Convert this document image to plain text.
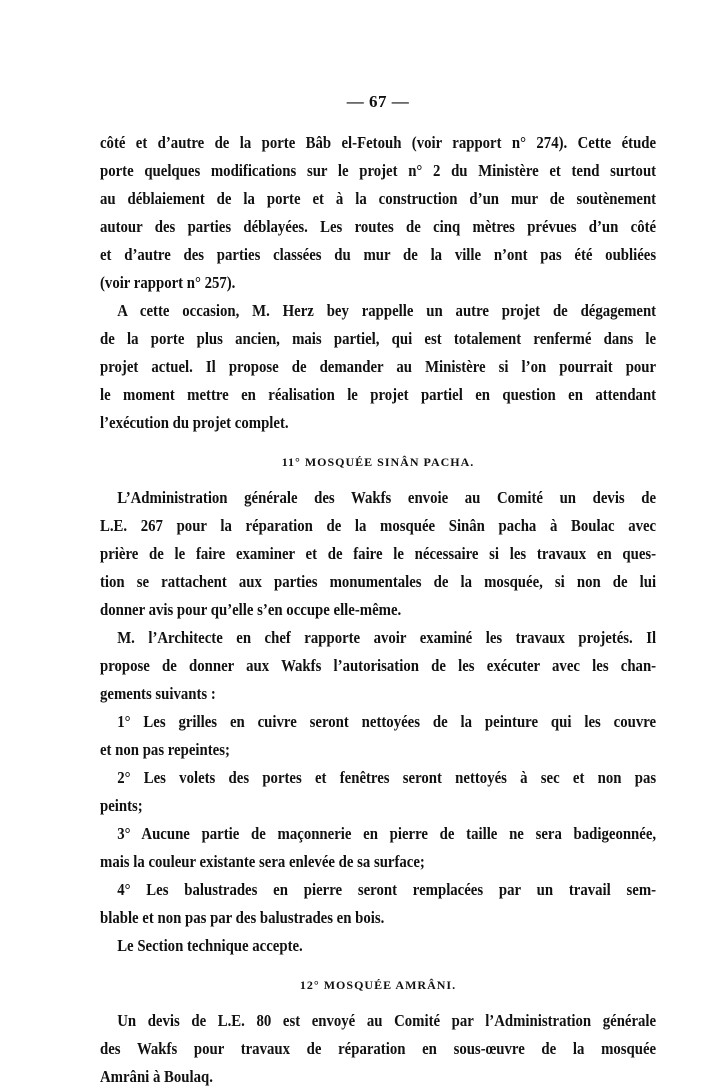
— 67 —
côté et d’autre de la porte Bâb el-Fetouh (voir rapport n° 274). Cette étude
porte quelques modifications sur le projet n° 2 du Ministère et tend surtout
au déblaiement de la porte et à la construction d’un mur de soutènement
autour des parties déblayées. Les routes de cinq mètres prévues d’un côté
et d’autre des parties classées du mur de la ville n’ont pas été oubliées
(voir rapport n° 257).
A cette occasion, M. Herz bey rappelle un autre projet de dégagement
de la porte plus ancien, mais partiel, qui est totalement renfermé dans le
projet actuel. Il propose de demander au Ministère si l’on pourrait pour
le moment mettre en réalisation le projet partiel en question en attendant
l’exécution du projet complet.
11° MOSQUÉE SINÂN PACHA.
L’Administration générale des Wakfs envoie au Comité un devis de
L.E. 267 pour la réparation de la mosquée Sinân pacha à Boulac avec
prière de le faire examiner et de faire le nécessaire si les travaux en ques-
tion se rattachent aux parties monumentales de la mosquée, si non de lui
donner avis pour qu’elle s’en occupe elle-même.
M. l’Architecte en chef rapporte avoir examiné les travaux projetés. Il
propose de donner aux Wakfs l’autorisation de les exécuter avec les chan-
gements suivants :
1° Les grilles en cuivre seront nettoyées de la peinture qui les couvre
et non pas repeintes;
2° Les volets des portes et fenêtres seront nettoyés à sec et non pas
peints;
3° Aucune partie de maçonnerie en pierre de taille ne sera badigeonnée,
mais la couleur existante sera enlevée de sa surface;
4° Les balustrades en pierre seront remplacées par un travail sem-
blable et non pas par des balustrades en bois.
Le Section technique accepte.
12° MOSQUÉE AMRÂNI.
Un devis de L.E. 80 est envoyé au Comité par l’Administration générale
des Wakfs pour travaux de réparation en sous-œuvre de la mosquée
Amrâni à Boulaq.
